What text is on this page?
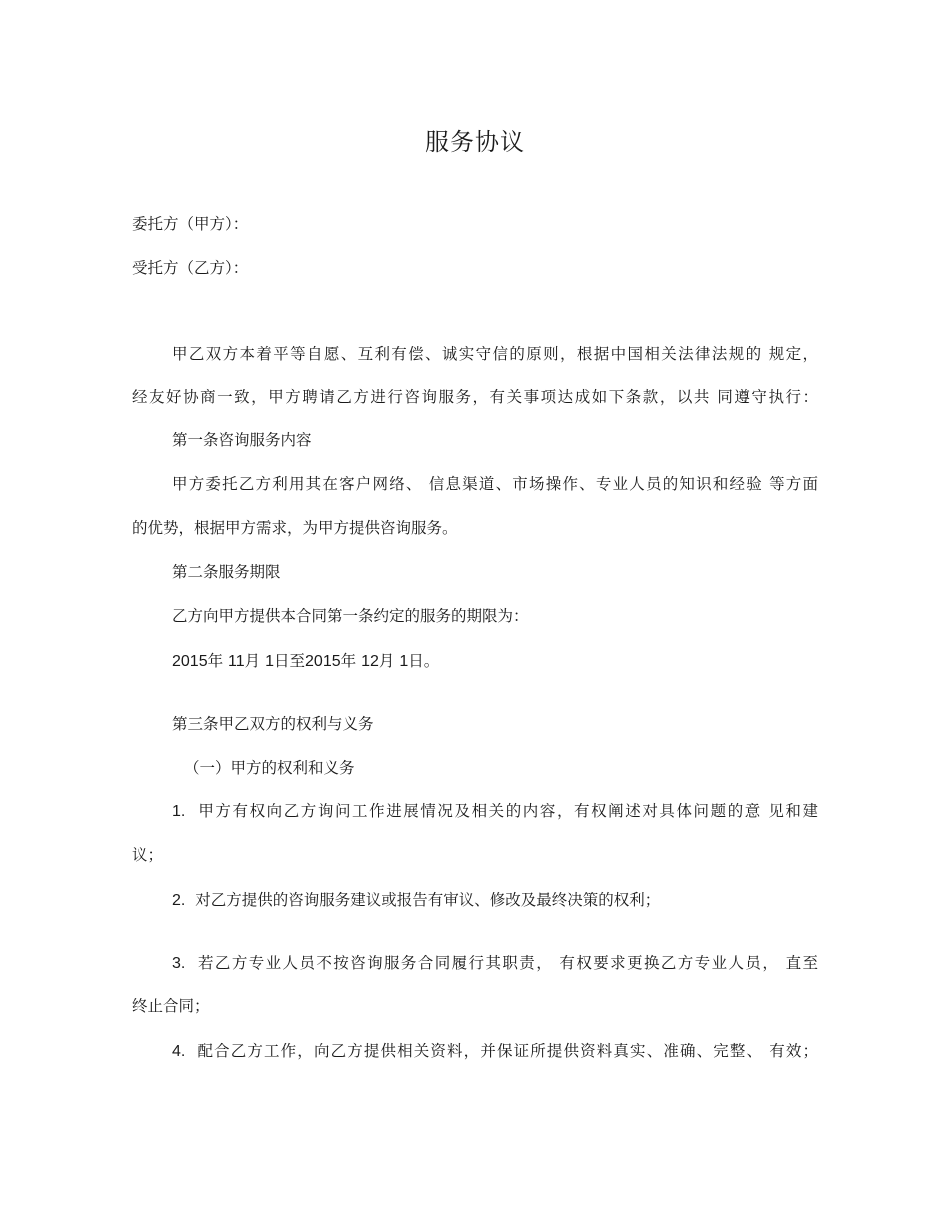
服务协议
委托方（甲方）：
受托方（乙方）：
甲乙双方本着平等自愿、互利有偿、诚实守信的原则，根据中国相关法律法规的 规定，
经友好协商一致，甲方聘请乙方进行咨询服务，有关事项达成如下条款，以共 同遵守执行：
第一条咨询服务内容
甲方委托乙方利用其在客户网络、 信息渠道、市场操作、专业人员的知识和经验 等方面
的优势，根据甲方需求，为甲方提供咨询服务。
第二条服务期限
乙方向甲方提供本合同第一条约定的服务的期限为：
2015年 11月 1日至2015年 12月 1日。
第三条甲乙双方的权利与义务
（一）甲方的权利和义务
1. 甲方有权向乙方询问工作进展情况及相关的内容，有权阐述对具体问题的意 见和建
议；
2. 对乙方提供的咨询服务建议或报告有审议、修改及最终决策的权利；
3. 若乙方专业人员不按咨询服务合同履行其职责， 有权要求更换乙方专业人员， 直至
终止合同；
4. 配合乙方工作，向乙方提供相关资料，并保证所提供资料真实、准确、完整、 有效；
